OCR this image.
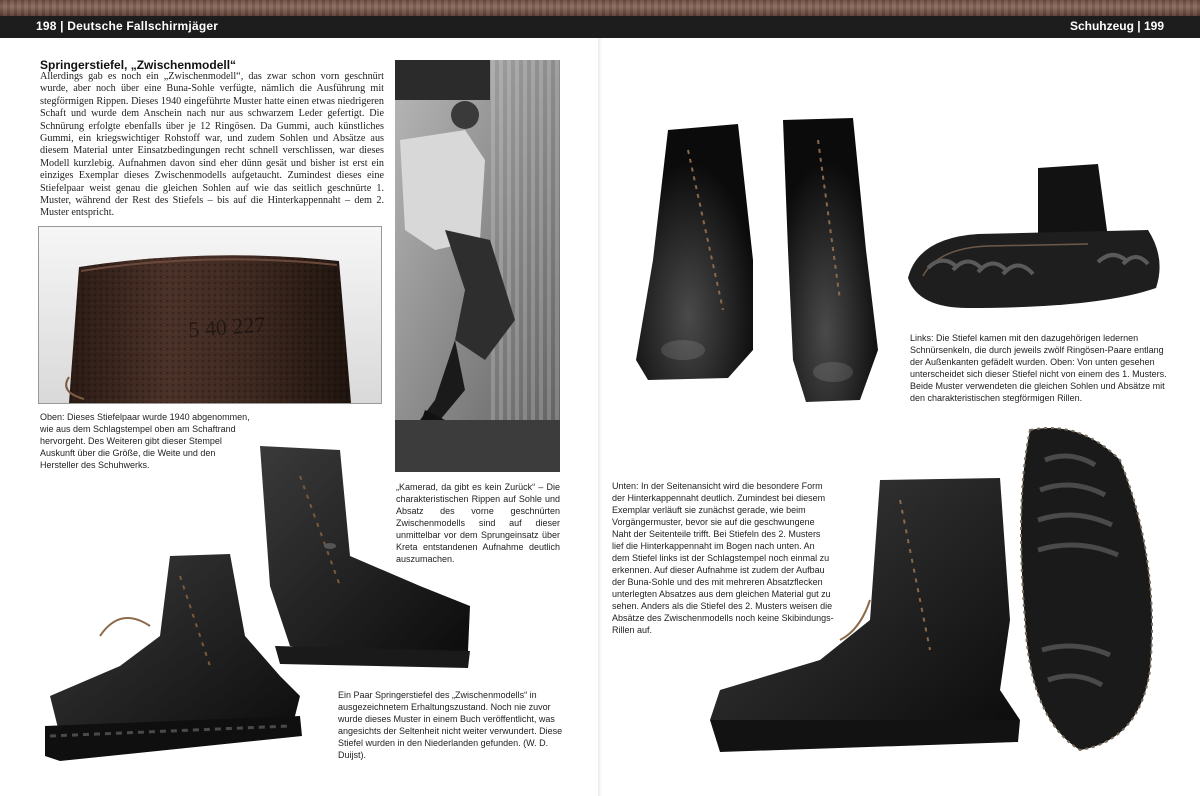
198 | Deutsche Fallschirmjäger	Schuhzeug | 199
Springerstiefel, „Zwischenmodell“
Allerdings gab es noch ein „Zwischenmodell“, das zwar schon vorn geschnürt wurde, aber noch über eine Buna-Sohle verfügte, nämlich die Ausführung mit stegförmigen Rippen. Dieses 1940 eingeführte Muster hatte einen etwas niedrigeren Schaft und wurde dem Anschein nach nur aus schwarzem Leder gefertigt. Die Schnürung erfolgte ebenfalls über je 12 Ringösen. Da Gummi, auch künstliches Gummi, ein kriegswichtiger Rohstoff war, und zudem Sohlen und Absätze aus diesem Material unter Einsatzbedingungen recht schnell verschlissen, war dieses Modell kurzlebig. Aufnahmen davon sind eher dünn gesät und bisher ist erst ein einziges Exemplar dieses Zwischenmodells aufgetaucht. Zumindest dieses eine Stiefelpaar weist genau die gleichen Sohlen auf wie das seitlich geschnürte 1. Muster, während der Rest des Stiefels – bis auf die Hinterkappennaht – dem 2. Muster entspricht.
5 40 227
Oben: Dieses Stiefelpaar wurde 1940 abgenommen, wie aus dem Schlagstempel oben am Schaftrand hervorgeht. Des Weiteren gibt dieser Stempel Auskunft über die Größe, die Weite und den Hersteller des Schuhwerks.
„Kamerad, da gibt es kein Zurück“ – Die charakteristischen Rippen auf Sohle und Absatz des vorne geschnürten Zwischenmodells sind auf dieser unmittelbar vor dem Sprungeinsatz über Kreta entstandenen Aufnahme deutlich auszumachen.
Ein Paar Springerstiefel des „Zwischenmodells“ in ausgezeichnetem Erhaltungszustand. Noch nie zuvor wurde dieses Muster in einem Buch veröffentlicht, was angesichts der Seltenheit nicht weiter verwundert. Diese Stiefel wurden in den Niederlanden gefunden. (W. D. Duijst).
Links: Die Stiefel kamen mit den dazugehörigen ledernen Schnürsenkeln, die durch jeweils zwölf Ringösen-Paare entlang der Außenkanten gefädelt wurden. Oben: Von unten gesehen unterscheidet sich dieser Stiefel nicht von einem des 1. Musters. Beide Muster verwendeten die gleichen Sohlen und Absätze mit den charakteristischen stegförmigen Rillen.
Unten: In der Seitenansicht wird die besondere Form der Hinterkappennaht deutlich. Zumindest bei diesem Exemplar verläuft sie zunächst gerade, wie beim Vorgängermuster, bevor sie auf die geschwungene Naht der Seitenteile trifft. Bei Stiefeln des 2. Musters lief die Hinterkappennaht im Bogen nach unten. An dem Stiefel links ist der Schlagstempel noch einmal zu erkennen. Auf dieser Aufnahme ist zudem der Aufbau der Buna-Sohle und des mit mehreren Absatzflecken unterlegten Absatzes aus dem gleichen Material gut zu sehen. Anders als die Stiefel des 2. Musters weisen die Absätze des Zwischenmodells noch keine Skibindungs-Rillen auf.
